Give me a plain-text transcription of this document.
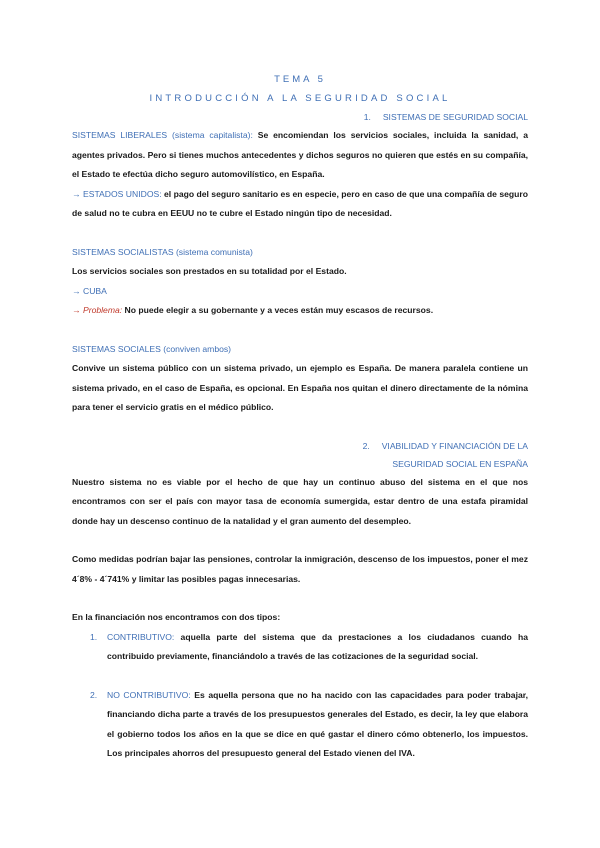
TEMA 5
INTRODUCCIÓN A LA SEGURIDAD SOCIAL
1. SISTEMAS DE SEGURIDAD SOCIAL

SISTEMAS LIBERALES (sistema capitalista): Se encomiendan los servicios sociales, incluida la sanidad, a agentes privados. Pero si tienes muchos antecedentes y dichos seguros no quieren que estés en su compañía, el Estado te efectúa dicho seguro automovilístico, en España.

→ ESTADOS UNIDOS: el pago del seguro sanitario es en especie, pero en caso de que una compañía de seguro de salud no te cubra en EEUU no te cubre el Estado ningún tipo de necesidad.

SISTEMAS SOCIALISTAS (sistema comunista)

Los servicios sociales son prestados en su totalidad por el Estado.

→ CUBA

→ Problema: No puede elegir a su gobernante y a veces están muy escasos de recursos.

SISTEMAS SOCIALES (conviven ambos)

Convive un sistema público con un sistema privado, un ejemplo es España. De manera paralela contiene un sistema privado, en el caso de España, es opcional. En España nos quitan el dinero directamente de la nómina para tener el servicio gratis en el médico público.

2. VIABILIDAD Y FINANCIACIÓN DE LA
SEGURIDAD SOCIAL EN ESPAÑA

Nuestro sistema no es viable por el hecho de que hay un continuo abuso del sistema en el que nos encontramos con ser el país con mayor tasa de economía sumergida, estar dentro de una estafa piramidal donde hay un descenso continuo de la natalidad y el gran aumento del desempleo.

Como medidas podrían bajar las pensiones, controlar la inmigración, descenso de los impuestos, poner el mez 4´8% - 4´741% y limitar las posibles pagas innecesarias.

En la financiación nos encontramos con dos tipos:

1. CONTRIBUTIVO: aquella parte del sistema que da prestaciones a los ciudadanos cuando ha contribuido previamente, financiándolo a través de las cotizaciones de la seguridad social.
2. NO CONTRIBUTIVO: Es aquella persona que no ha nacido con las capacidades para poder trabajar, financiando dicha parte a través de los presupuestos generales del Estado, es decir, la ley que elabora el gobierno todos los años en la que se dice en qué gastar el dinero cómo obtenerlo, los impuestos. Los principales ahorros del presupuesto general del Estado vienen del IVA.
